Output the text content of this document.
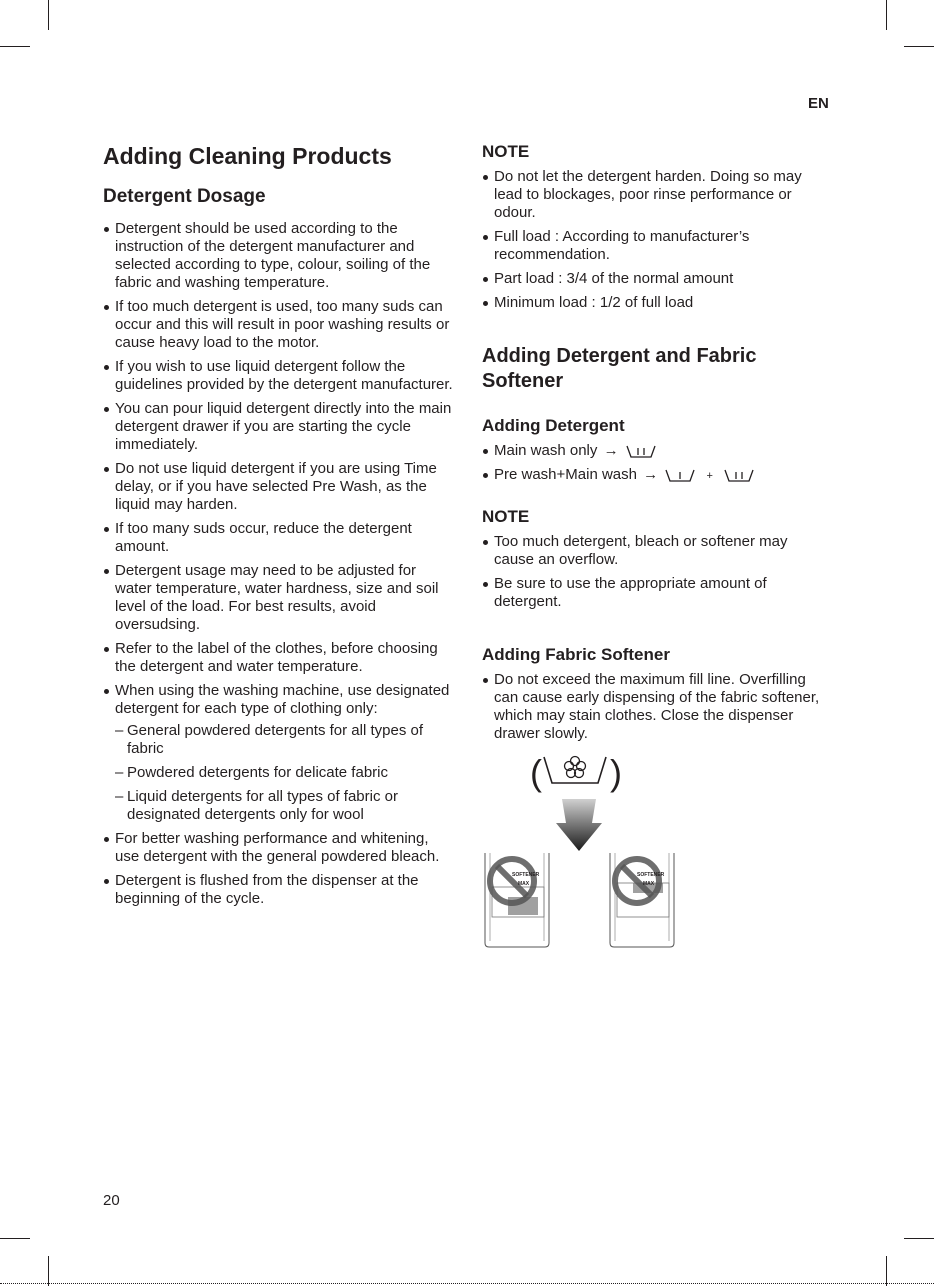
EN
Adding Cleaning Products
Detergent Dosage
Detergent should be used according to the instruction of the detergent manufacturer and selected according to type, colour, soiling of the fabric and washing temperature.
If too much detergent is used, too many suds can occur and this will result in poor washing results or cause heavy load to the motor.
If you wish to use liquid detergent follow the guidelines provided by the detergent manufacturer.
You can pour liquid detergent directly into the main detergent drawer if you are starting the cycle immediately.
Do not use liquid detergent if you are using Time delay, or if you have selected Pre Wash, as the liquid may harden.
If too many suds occur, reduce the detergent amount.
Detergent usage may need to be adjusted for water temperature, water hardness, size and soil level of the load. For best results, avoid oversudsing.
Refer to the label of the clothes, before choosing the detergent and water temperature.
When using the washing machine, use designated detergent for each type of clothing only:
– General powdered detergents for all types of fabric
– Powdered detergents for delicate fabric
– Liquid detergents for all types of fabric or designated detergents only for wool
For better washing performance and whitening, use detergent with the general powdered bleach.
Detergent is flushed from the dispenser at the beginning of the cycle.
NOTE
Do not let the detergent harden. Doing so may lead to blockages, poor rinse performance or odour.
Full load : According to manufacturer’s recommendation.
Part load : 3/4 of the normal amount
Minimum load : 1/2 of full load
Adding Detergent and Fabric Softener
Adding Detergent
Main wash only →
Pre wash+Main wash →	+
NOTE
Too much detergent, bleach or softener may cause an overflow.
Be sure to use the appropriate amount of detergent.
Adding Fabric Softener
Do not exceed the maximum fill line. Overfilling can cause early dispensing of the fabric softener, which may stain clothes. Close the dispenser drawer slowly.
( )
SOFTENER
MAX
SOFTENER
MAX
20
